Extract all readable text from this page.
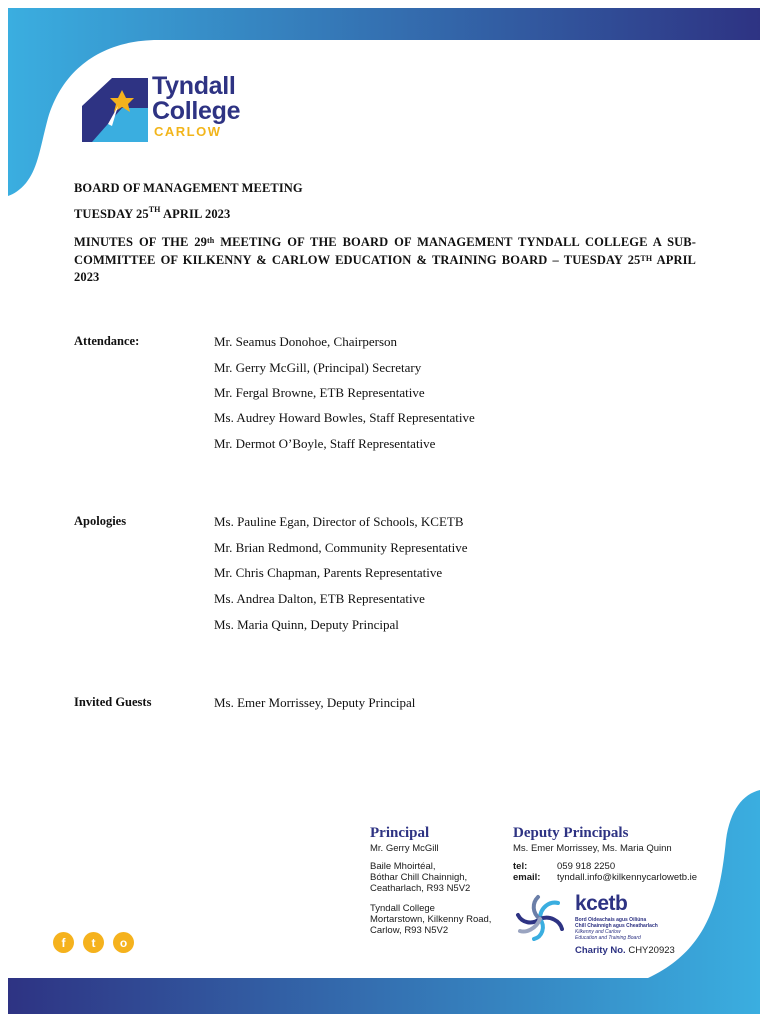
Tyndall
College
CARLOW
BOARD OF MANAGEMENT MEETING
TUESDAY 25TH APRIL 2023
MINUTES OF THE 29th MEETING OF THE BOARD OF MANAGEMENT TYNDALL COLLEGE A SUB-COMMITTEE OF KILKENNY & CARLOW EDUCATION & TRAINING BOARD – TUESDAY 25TH APRIL 2023
Attendance:	Mr. Seamus Donohoe, Chairperson
Mr. Gerry McGill, (Principal) Secretary
Mr. Fergal Browne, ETB Representative
Ms. Audrey Howard Bowles, Staff Representative
Mr. Dermot O’Boyle, Staff Representative
Apologies	Ms. Pauline Egan, Director of Schools, KCETB
Mr. Brian Redmond, Community Representative
Mr. Chris Chapman, Parents Representative
Ms. Andrea Dalton, ETB Representative
Ms. Maria Quinn, Deputy Principal
Invited Guests	Ms. Emer Morrissey, Deputy Principal
Principal
Mr. Gerry McGill
Baile Mhoirtéal,
Bóthar Chill Chainnigh,
Ceatharlach, R93 N5V2
Tyndall College
Mortarstown, Kilkenny Road,
Carlow, R93 N5V2
Deputy Principals
Ms. Emer Morrissey, Ms. Maria Quinn
tel:	059 918 2250
email: tyndall.info@kilkennycarlowetb.ie
kcetb
Bord Oideachais agus Oiliúna
Chill Chainnigh agus Cheatharlach
Kilkenny and Carlow
Education and Training Board
Charity No. CHY20923
f	t	o
